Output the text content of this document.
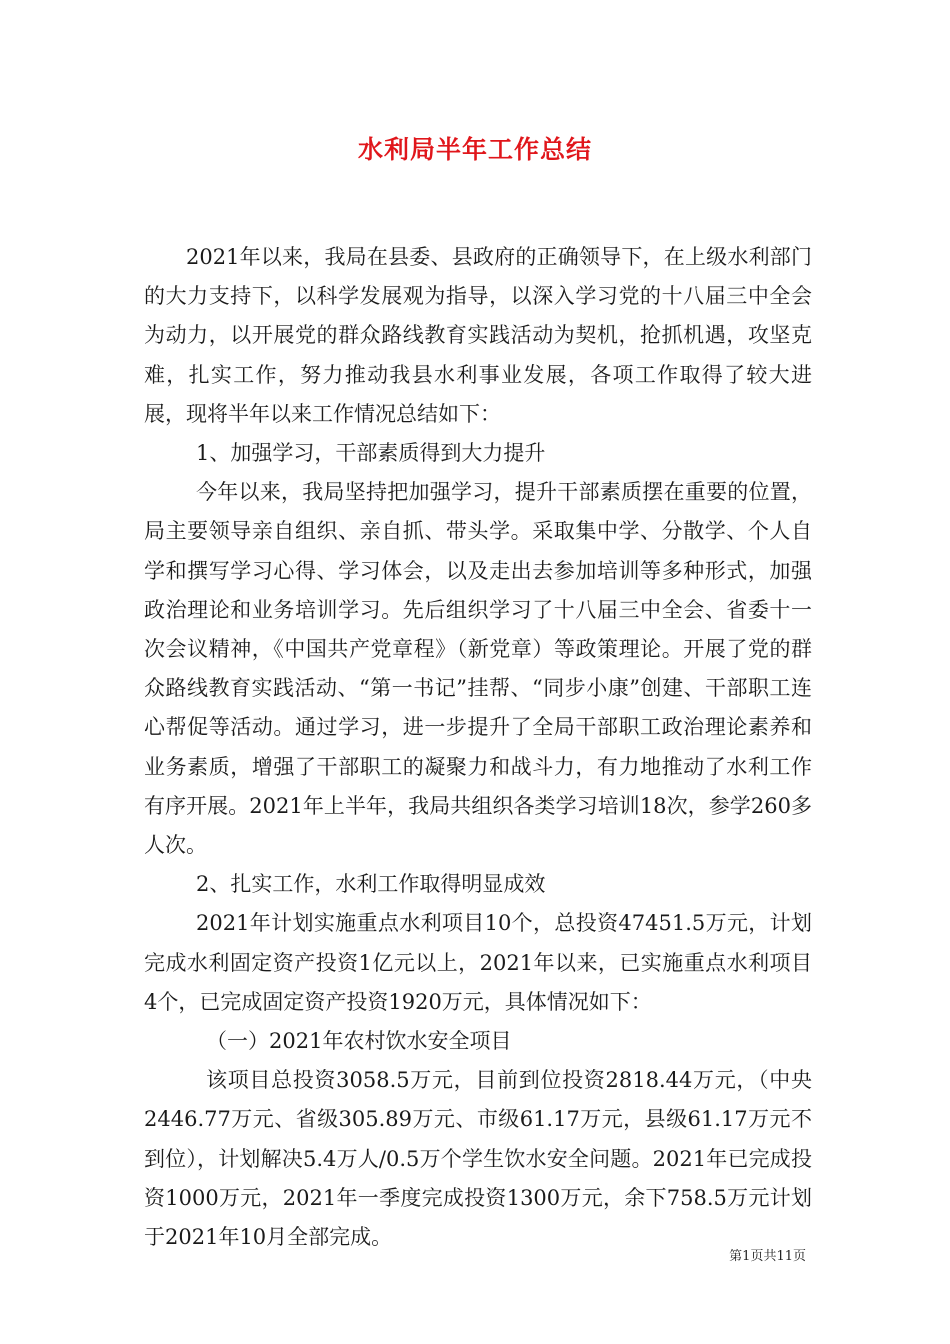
水利局半年工作总结

2021年以来，我局在县委、县政府的正确领导下，在上级水利部门的大力支持下，以科学发展观为指导，以深入学习党的十八届三中全会为动力，以开展党的群众路线教育实践活动为契机，抢抓机遇，攻坚克难，扎实工作，努力推动我县水利事业发展，各项工作取得了较大进展，现将半年以来工作情况总结如下：

1、加强学习，干部素质得到大力提升

今年以来，我局坚持把加强学习，提升干部素质摆在重要的位置，局主要领导亲自组织、亲自抓、带头学。采取集中学、分散学、个人自学和撰写学习心得、学习体会，以及走出去参加培训等多种形式，加强政治理论和业务培训学习。先后组织学习了十八届三中全会、省委十一次会议精神，《中国共产党章程》（新党章）等政策理论。开展了党的群众路线教育实践活动、“第一书记”挂帮、“同步小康”创建、干部职工连心帮促等活动。通过学习，进一步提升了全局干部职工政治理论素养和业务素质，增强了干部职工的凝聚力和战斗力，有力地推动了水利工作有序开展。2021年上半年，我局共组织各类学习培训18次，参学260多人次。

2、扎实工作，水利工作取得明显成效

2021年计划实施重点水利项目10个，总投资47451.5万元，计划完成水利固定资产投资1亿元以上，2021年以来，已实施重点水利项目4个，已完成固定资产投资1920万元，具体情况如下：

（一）2021年农村饮水安全项目

该项目总投资3058.5万元，目前到位投资2818.44万元，（中央2446.77万元、省级305.89万元、市级61.17万元，县级61.17万元不到位），计划解决5.4万人/0.5万个学生饮水安全问题。2021年已完成投资1000万元，2021年一季度完成投资1300万元，余下758.5万元计划于2021年10月全部完成。

第1页共11页
